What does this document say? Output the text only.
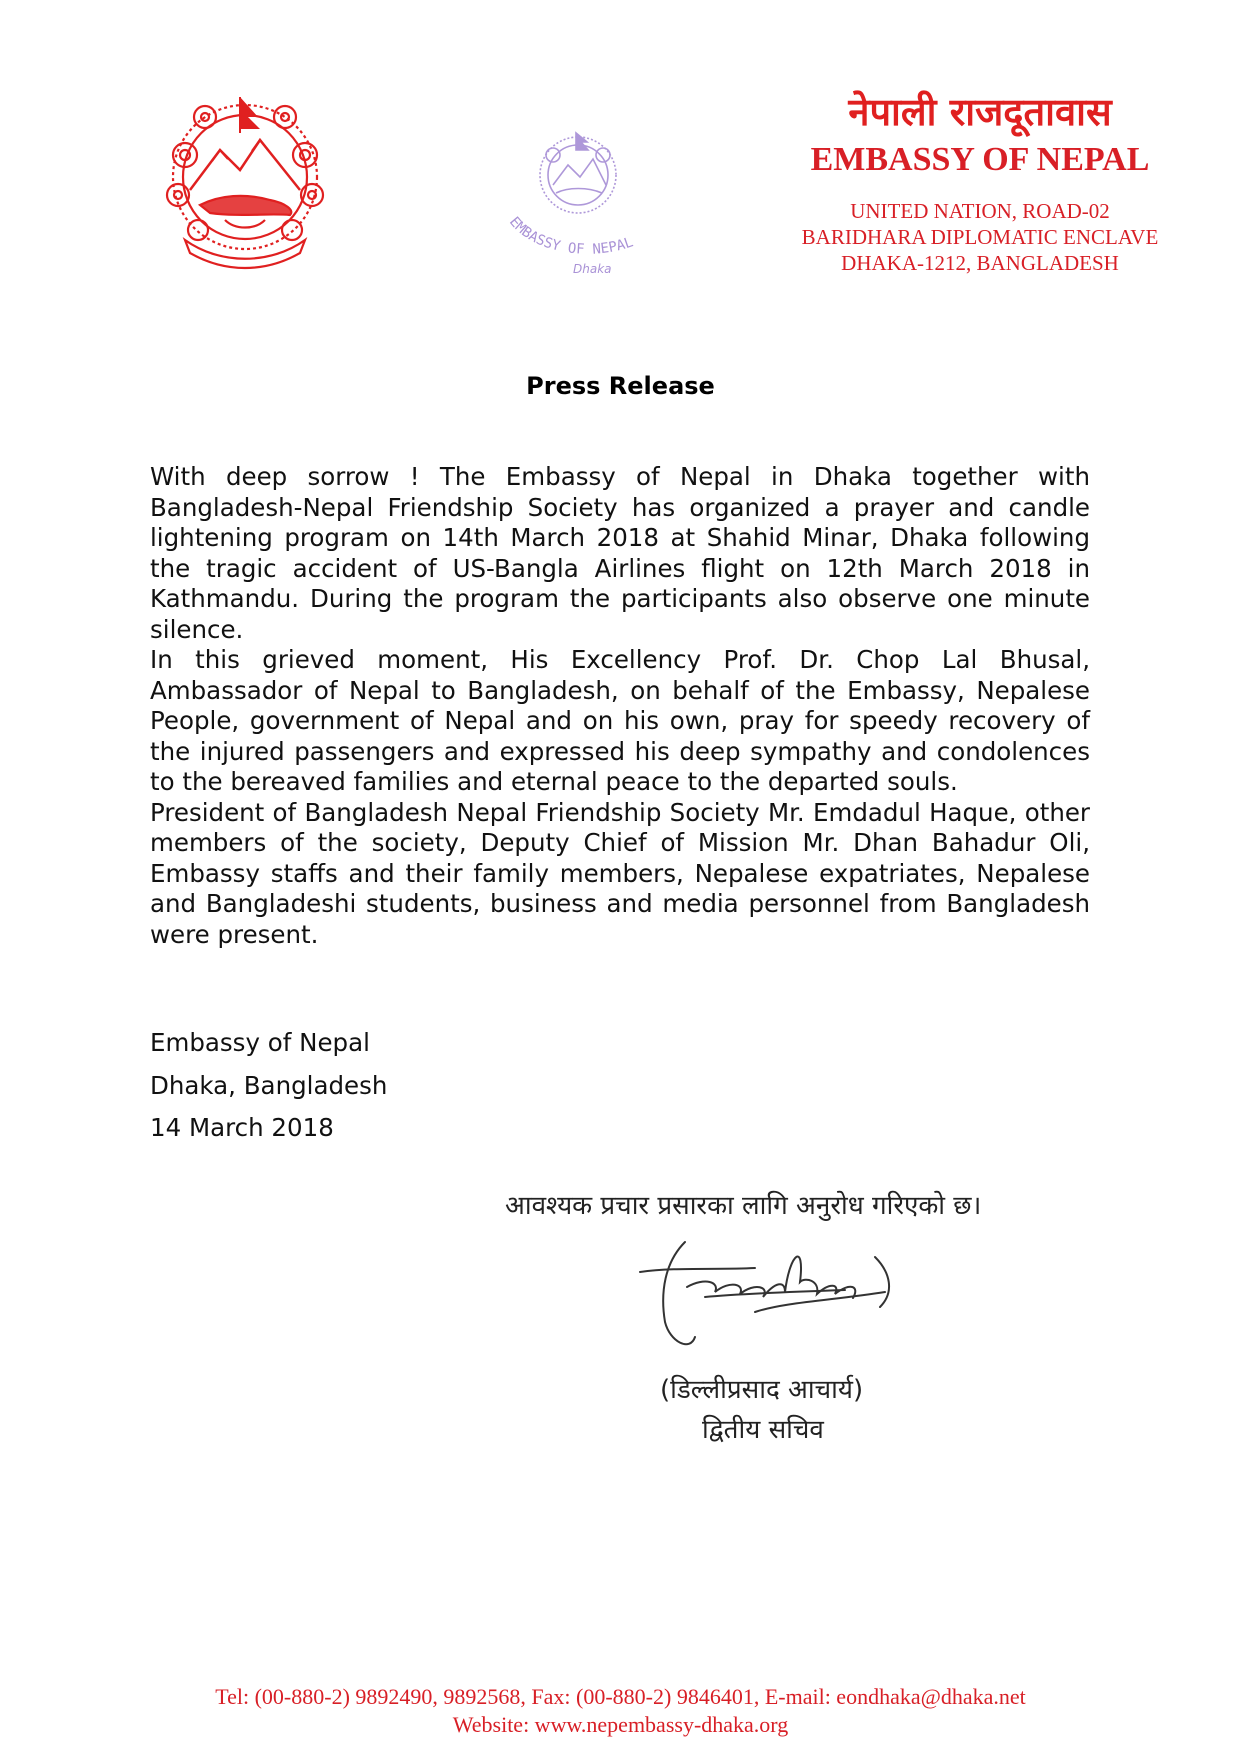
EMBASSY OF NEPAL
Dhaka
नेपाली राजदूतावास
EMBASSY OF NEPAL
UNITED NATION, ROAD-02
BARIDHARA DIPLOMATIC ENCLAVE
DHAKA-1212, BANGLADESH
Press Release

With deep sorrow ! The Embassy of Nepal in Dhaka together with Bangladesh-Nepal Friendship Society has organized a prayer and candle lightening program on 14th March 2018 at Shahid Minar, Dhaka following the tragic accident of US-Bangla Airlines flight on 12th March 2018 in Kathmandu. During the program the participants also observe one minute silence.

In this grieved moment, His Excellency Prof. Dr. Chop Lal Bhusal, Ambassador of Nepal to Bangladesh, on behalf of the Embassy, Nepalese People, government of Nepal and on his own, pray for speedy recovery of the injured passengers and expressed his deep sympathy and condolences to the bereaved families and eternal peace to the departed souls.

President of Bangladesh Nepal Friendship Society Mr. Emdadul Haque, other members of the society, Deputy Chief of Mission Mr. Dhan Bahadur Oli, Embassy staffs and their family members, Nepalese expatriates, Nepalese and Bangladeshi students, business and media personnel from Bangladesh were present.

Embassy of Nepal
Dhaka, Bangladesh
14 March 2018
आवश्यक प्रचार प्रसारका लागि अनुरोध गरिएको छ।
(डिल्लीप्रसाद आचार्य)
द्वितीय सचिव
Tel: (00-880-2) 9892490, 9892568, Fax: (00-880-2) 9846401, E-mail: eondhaka@dhaka.net
Website: www.nepembassy-dhaka.org
